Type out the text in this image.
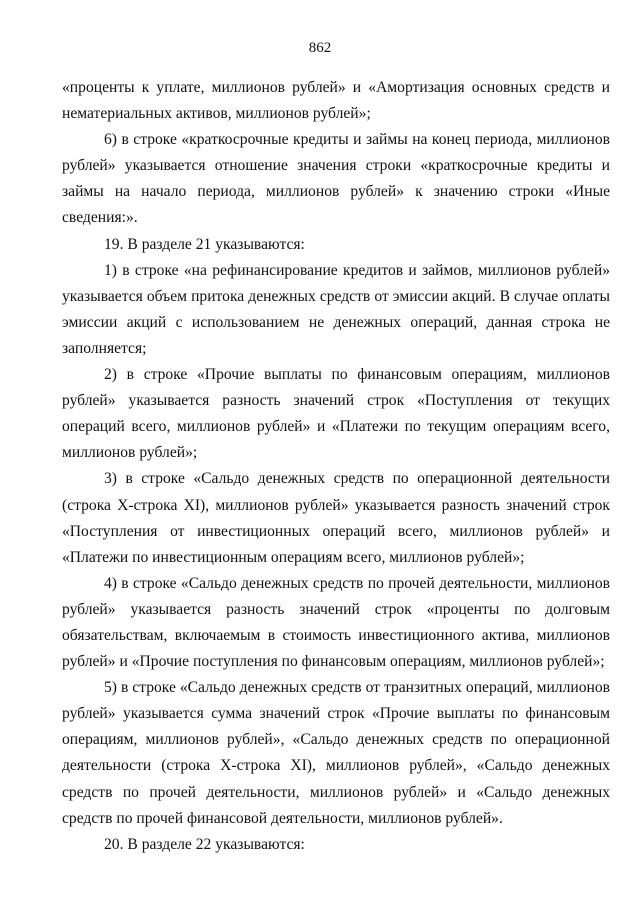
862

«проценты к уплате, миллионов рублей» и «Амортизация основных средств и нематериальных активов, миллионов рублей»;

6) в строке «краткосрочные кредиты и займы на конец периода, миллионов рублей» указывается отношение значения строки «краткосрочные кредиты и займы на начало периода, миллионов рублей» к значению строки «Иные сведения:».

19. В разделе 21 указываются:

1) в строке «на рефинансирование кредитов и займов, миллионов рублей» указывается объем притока денежных средств от эмиссии акций. В случае оплаты эмиссии акций с использованием не денежных операций, данная строка не заполняется;

2) в строке «Прочие выплаты по финансовым операциям, миллионов рублей» указывается разность значений строк «Поступления от текущих операций всего, миллионов рублей» и «Платежи по текущим операциям всего, миллионов рублей»;

3) в строке «Сальдо денежных средств по операционной деятельности (строка X-строка XI), миллионов рублей» указывается разность значений строк «Поступления от инвестиционных операций всего, миллионов рублей» и «Платежи по инвестиционным операциям всего, миллионов рублей»;

4) в строке «Сальдо денежных средств по прочей деятельности, миллионов рублей» указывается разность значений строк «проценты по долговым обязательствам, включаемым в стоимость инвестиционного актива, миллионов рублей» и «Прочие поступления по финансовым операциям, миллионов рублей»;

5) в строке «Сальдо денежных средств от транзитных операций, миллионов рублей» указывается сумма значений строк «Прочие выплаты по финансовым операциям, миллионов рублей», «Сальдо денежных средств по операционной деятельности (строка X-строка XI), миллионов рублей», «Сальдо денежных средств по прочей деятельности, миллионов рублей» и «Сальдо денежных средств по прочей финансовой деятельности, миллионов рублей».

20. В разделе 22 указываются:
